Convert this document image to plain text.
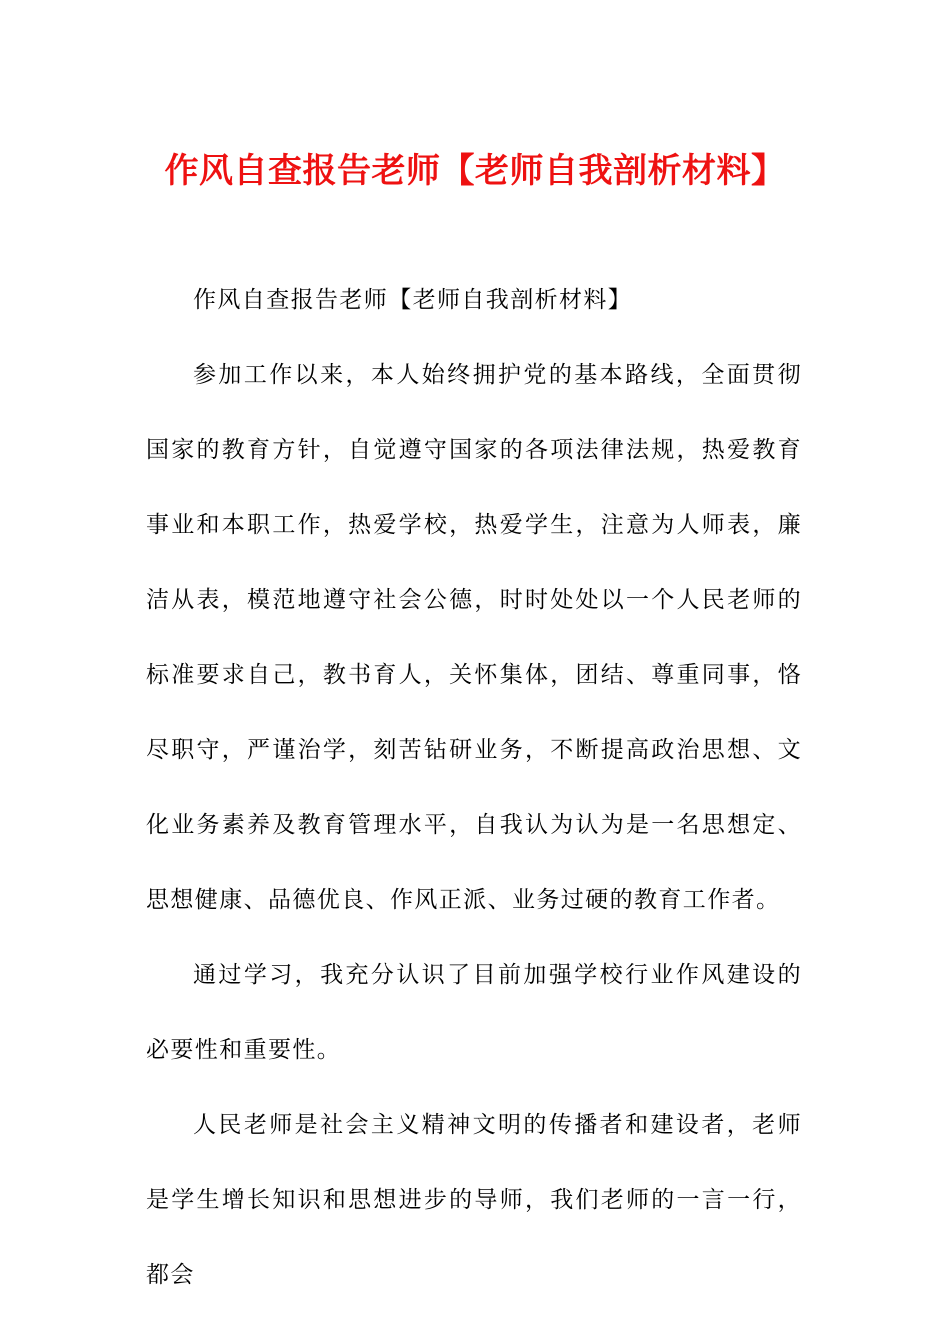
作风自查报告老师【老师自我剖析材料】

作风自查报告老师【老师自我剖析材料】

参加工作以来，本人始终拥护党的基本路线，全面贯彻国家的教育方针，自觉遵守国家的各项法律法规，热爱教育事业和本职工作，热爱学校，热爱学生，注意为人师表，廉洁从表，模范地遵守社会公德，时时处处以一个人民老师的标准要求自己，教书育人，关怀集体，团结、尊重同事，恪尽职守，严谨治学，刻苦钻研业务，不断提高政治思想、文化业务素养及教育管理水平，自我认为认为是一名思想定、思想健康、品德优良、作风正派、业务过硬的教育工作者。

通过学习，我充分认识了目前加强学校行业作风建设的必要性和重要性。

人民老师是社会主义精神文明的传播者和建设者，老师是学生增长知识和思想进步的导师，我们老师的一言一行，都会
